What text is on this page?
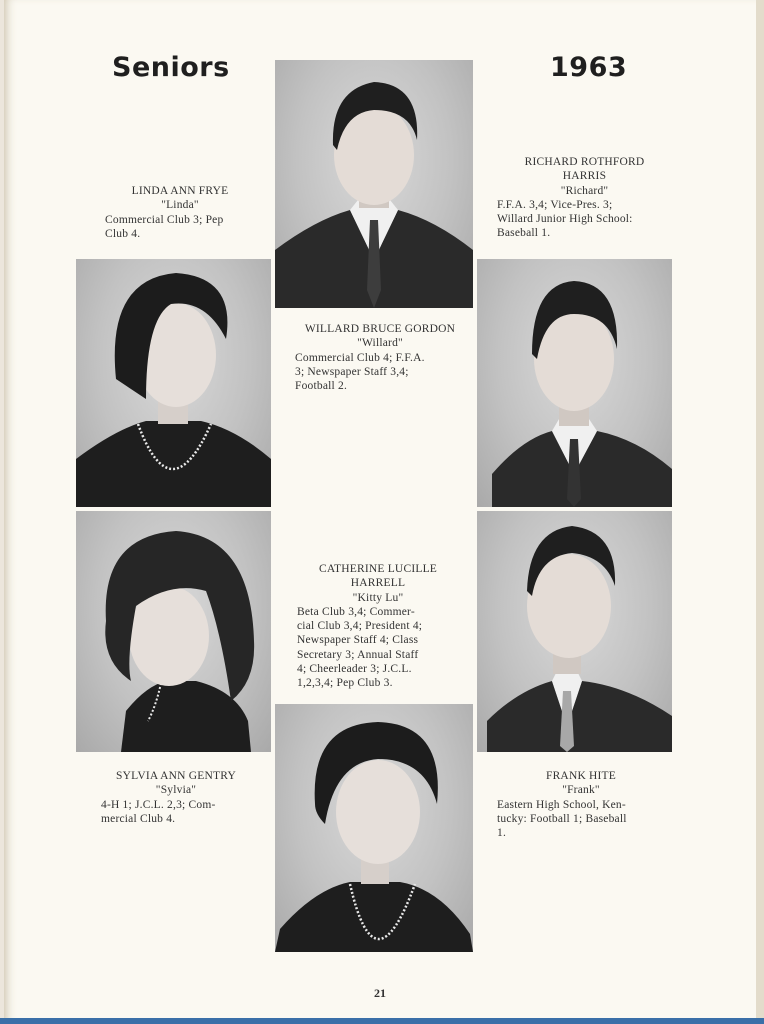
Seniors	1963
LINDA ANN FRYE
"Linda"
Commercial Club 3; Pep
Club 4.
RICHARD ROTHFORD
HARRIS
"Richard"
F.F.A. 3,4; Vice-Pres. 3;
Willard Junior High School:
Baseball 1.
WILLARD BRUCE GORDON
"Willard"
Commercial Club 4; F.F.A.
3; Newspaper Staff 3,4;
Football 2.
CATHERINE LUCILLE
HARRELL
"Kitty Lu"
Beta Club 3,4; Commer-
cial Club 3,4; President 4;
Newspaper Staff 4; Class
Secretary 3; Annual Staff
4; Cheerleader 3; J.C.L.
1,2,3,4; Pep Club 3.
SYLVIA ANN GENTRY
"Sylvia"
4-H 1; J.C.L. 2,3; Com-
mercial Club 4.
FRANK HITE
"Frank"
Eastern High School, Ken-
tucky: Football 1; Baseball
1.
21
